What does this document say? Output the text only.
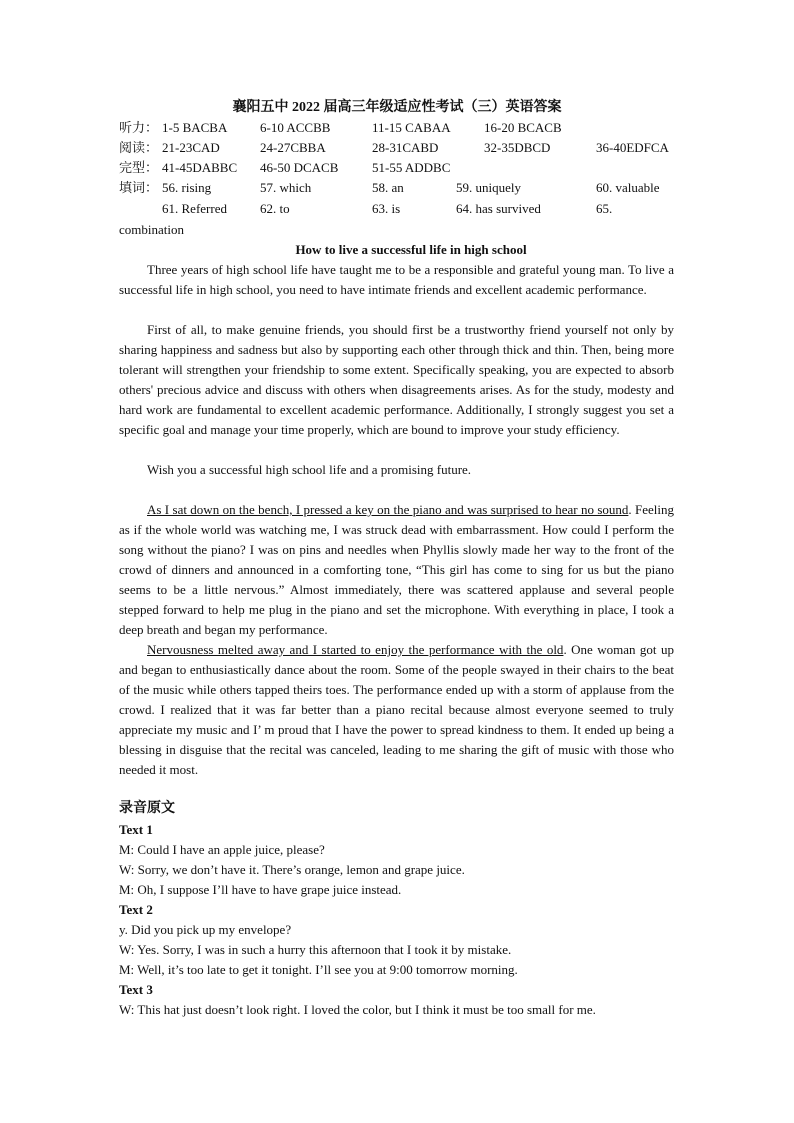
襄阳五中 2022 届高三年级适应性考试（三）英语答案
听力： 1-5 BACBA	6-10 ACCBB	11-15 CABAA	16-20 BCACB
阅读： 21-23CAD	24-27CBBA	28-31CABD	32-35DBCD	36-40EDFCA
完型： 41-45DABBC 46-50 DCACB	51-55 ADDBC
填词： 56. rising	57. which	58. an	59. uniquely	60. valuable
61. Referred	62. to	63. is	64. has survived	65.
combination
How to live a successful life in high school

Three years of high school life have taught me to be a responsible and grateful young man. To live a successful life in high school, you need to have intimate friends and excellent academic performance.

First of all, to make genuine friends, you should first be a trustworthy friend yourself not only by sharing happiness and sadness but also by supporting each other through thick and thin. Then, being more tolerant will strengthen your friendship to some extent. Specifically speaking, you are expected to absorb others' precious advice and discuss with others when disagreements arises. As for the study, modesty and hard work are fundamental to excellent academic performance. Additionally, I strongly suggest you set a specific goal and manage your time properly, which are bound to improve your study efficiency.

Wish you a successful high school life and a promising future.

As I sat down on the bench, I pressed a key on the piano and was surprised to hear no sound. Feeling as if the whole world was watching me, I was struck dead with embarrassment. How could I perform the song without the piano? I was on pins and needles when Phyllis slowly made her way to the front of the crowd of dinners and announced in a comforting tone, “This girl has come to sing for us but the piano seems to be a little nervous.” Almost immediately, there was scattered applause and several people stepped forward to help me plug in the piano and set the microphone. With everything in place, I took a deep breath and began my performance.

Nervousness melted away and I started to enjoy the performance with the old. One woman got up and began to enthusiastically dance about the room. Some of the people swayed in their chairs to the beat of the music while others tapped theirs toes. The performance ended up with a storm of applause from the crowd. I realized that it was far better than a piano recital because almost everyone seemed to truly appreciate my music and I’ m proud that I have the power to spread kindness to them. It ended up being a blessing in disguise that the recital was canceled, leading to me sharing the gift of music with those who needed it most.

录音原文
Text 1
M: Could I have an apple juice, please?
W: Sorry, we don’t have it. There’s orange, lemon and grape juice.
M: Oh, I suppose I’ll have to have grape juice instead.
Text 2
y. Did you pick up my envelope?
W: Yes. Sorry, I was in such a hurry this afternoon that I took it by mistake.
M: Well, it’s too late to get it tonight. I’ll see you at 9:00 tomorrow morning.
Text 3
W: This hat just doesn’t look right. I loved the color, but I think it must be too small for me.
